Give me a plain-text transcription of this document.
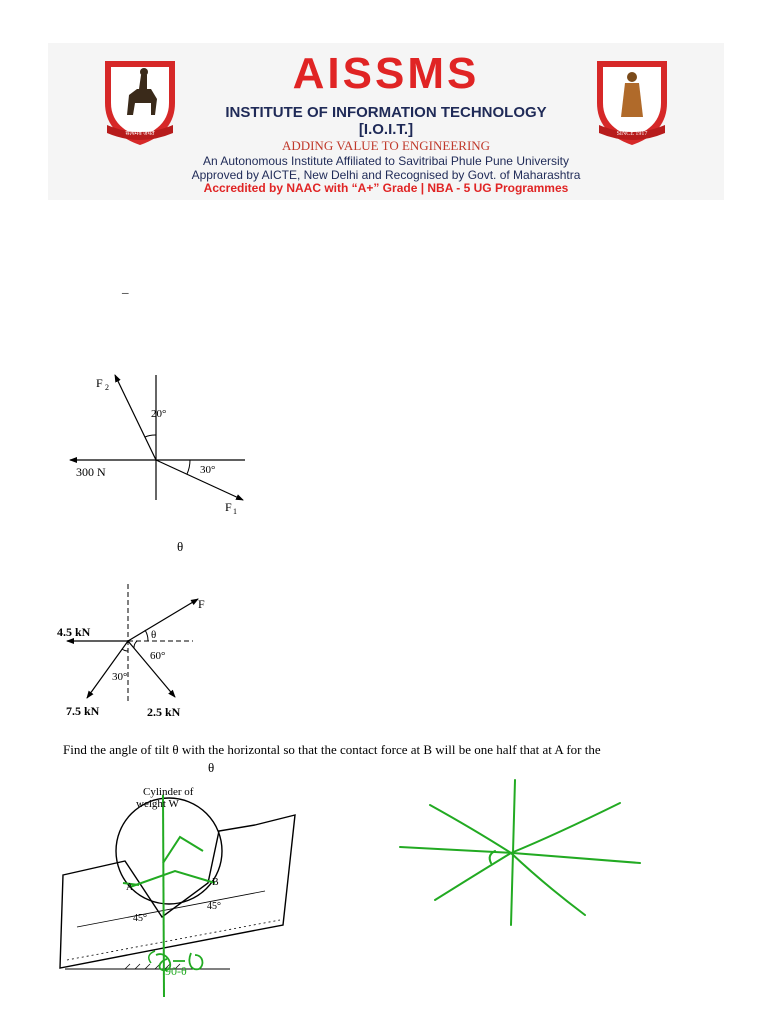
सत्यमेव जयते	SINCE 1917
AISSMS
INSTITUTE OF INFORMATION TECHNOLOGY
[I.O.I.T.]
ADDING VALUE TO ENGINEERING
An Autonomous Institute Affiliated to Savitribai Phule Pune University
Approved by AICTE, New Delhi and Recognised by Govt. of Maharashtra
Accredited by NAAC with “A+” Grade | NBA - 5 UG Programmes
_
F 2
20°
300 N	30°
F 1
θ
F
4.5 kN	θ
60°
30°
7.5 kN	2.5 kN
Find the angle of tilt θ with the horizontal so that the contact force at B will be one half that at A for the
θ
Cylinder of
weight W
A	B
45°
45°
90-θ
